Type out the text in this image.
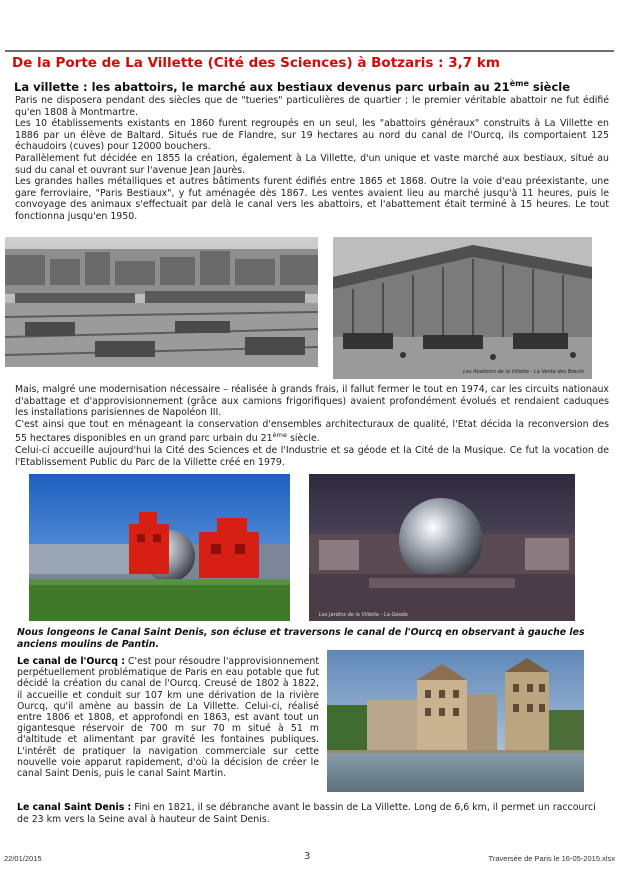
De la Porte de La Villette (Cité des Sciences) à Botzaris : 3,7 km
La villette : les abattoirs, le marché aux bestiaux devenus parc urbain au 21ème siècle

Paris ne disposera pendant des siècles que de "tueries" particulières de quartier ; le premier véritable abattoir ne fut édifié qu'en 1808 à Montmartre.

Les 10 établissements existants en 1860 furent regroupés en un seul, les "abattoirs généraux" construits à La Villette en 1886 par un élève de Baltard. Situés rue de Flandre, sur 19 hectares au nord du canal de l'Ourcq, ils comportaient 125 échaudoirs (cuves) pour 12000 bouchers.

Parallèlement fut décidée en 1855 la création, également à La Villette, d'un unique et vaste marché aux bestiaux, situé au sud du canal et ouvrant sur l'avenue Jean Jaurès.

Les grandes halles métalliques et autres bâtiments furent édifiés entre 1865 et 1868. Outre la voie d'eau préexistante, une gare ferroviaire, "Paris Bestiaux", y fut aménagée dès 1867. Les ventes avaient lieu au marché jusqu'à 11 heures, puis le convoyage des animaux s'effectuait par delà le canal vers les abattoirs, et l'abattement était terminé à 15 heures. Le tout fonctionna jusqu'en 1950.

Les Abattoirs de la Villette - La Vente des Bœufs

Mais, malgré une modernisation nécessaire – réalisée à grands frais, il fallut fermer le tout en 1974, car les circuits nationaux d'abattage et d'approvisionnement (grâce aux camions frigorifiques) avaient profondément évolués et rendaient caduques les installations parisiennes de Napoléon III.

C'est ainsi que tout en ménageant la conservation d'ensembles architecturaux de qualité, l'Etat décida la reconversion des 55 hectares disponibles en un grand parc urbain du 21ème siècle.

Celui-ci accueille aujourd'hui la Cité des Sciences et de l'Industrie et sa géode et la Cité de la Musique. Ce fut la vocation de l'Etablissement Public du Parc de la Villette créé en 1979.

Les Jardins de la Villette - La Géode
Nous longeons le Canal Saint Denis, son écluse et traversons le canal de l'Ourcq en observant à gauche les anciens moulins de Pantin.
Le canal de l'Ourcq : C'est pour résoudre l'approvisionnement perpétuellement problématique de Paris en eau potable que fut décidé la création du canal de l'Ourcq. Creusé de 1802 à 1822, il accueille et conduit sur 107 km une dérivation de la rivière Ourcq, qu'il amène au bassin de La Villette. Celui-ci, réalisé entre 1806 et 1808, et approfondi en 1863, est avant tout un gigantesque réservoir de 700 m sur 70 m situé à 51 m d'altitude et alimentant par gravité les fontaines publiques. L'intérêt de pratiquer la navigation commerciale sur cette nouvelle voie apparut rapidement, d'où la décision de créer le canal Saint Denis, puis le canal Saint Martin.
Le canal Saint Denis : Fini en 1821, il se débranche avant le bassin de La Villette. Long de 6,6 km, il permet un raccourci de 23 km vers la Seine aval à hauteur de Saint Denis.
22/01/2015	3	Traversée de Paris le 16-05-2015.xlsx
